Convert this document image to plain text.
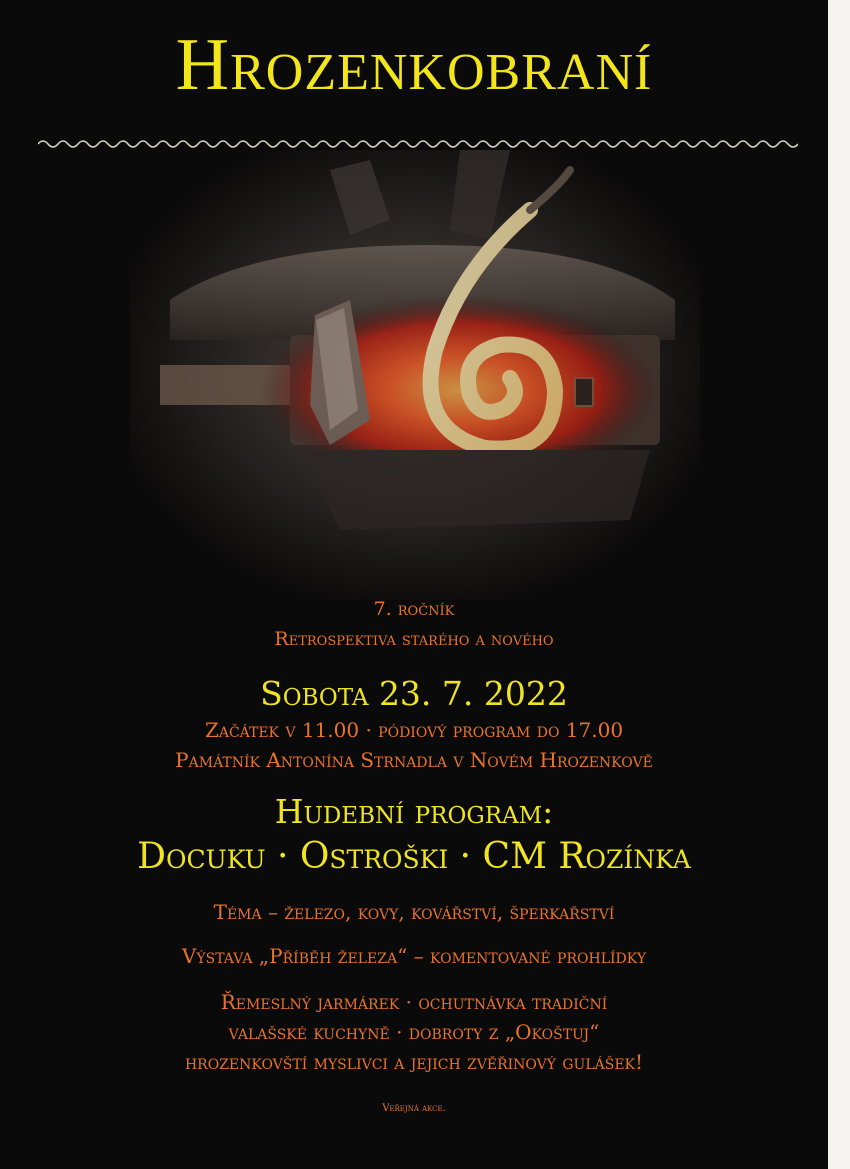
Hrozenkobraní
7. ročník
Retrospektiva starého a nového
Sobota 23. 7. 2022
Začátek v 11.00 · pódiový program do 17.00
Památník Antonína Strnadla v Novém Hrozenkově
Hudební program:
Docuku · Ostroški · CM Rozínka
Téma – železo, kovy, kovářství, šperkařství
Výstava „Příběh železa“ – komentované prohlídky
Řemeslný jarmárek · ochutnávka tradiční
valašské kuchyně · dobroty z „Okoštuj“
hrozenkovští myslivci a jejich zvěřinový gulášek!
Veřejná akce.
